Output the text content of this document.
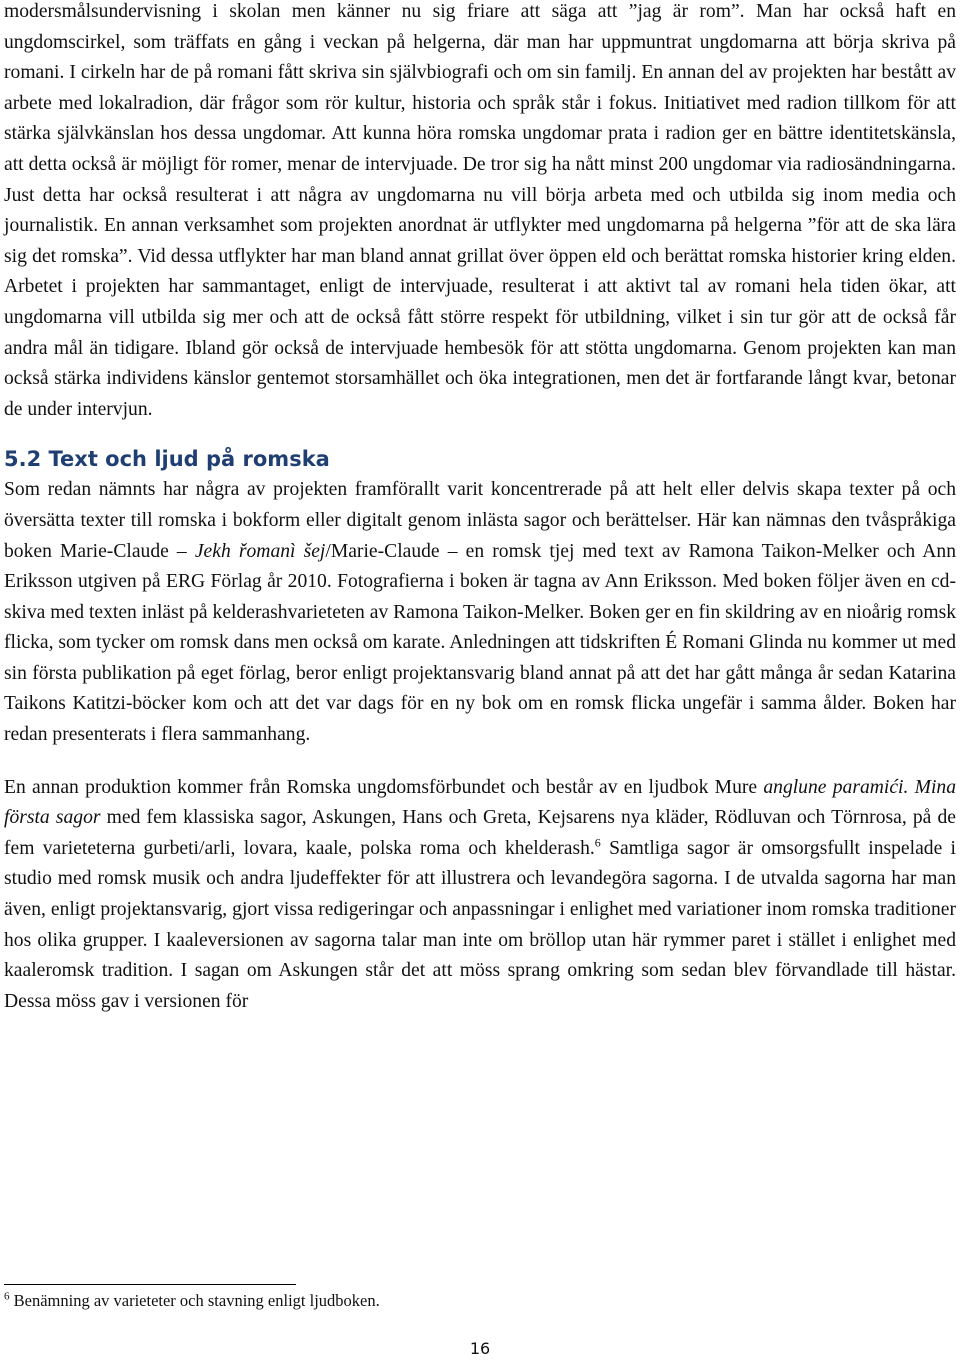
modersmålsundervisning i skolan men känner nu sig friare att säga att ”jag är rom”. Man har också haft en ungdomscirkel, som träffats en gång i veckan på helgerna, där man har uppmuntrat ungdomarna att börja skriva på romani. I cirkeln har de på romani fått skriva sin självbiografi och om sin familj. En annan del av projekten har bestått av arbete med lokalradion, där frågor som rör kultur, historia och språk står i fokus. Initiativet med radion tillkom för att stärka självkänslan hos dessa ungdomar. Att kunna höra romska ungdomar prata i radion ger en bättre identitetskänsla, att detta också är möjligt för romer, menar de intervjuade. De tror sig ha nått minst 200 ungdomar via radiosändningarna. Just detta har också resulterat i att några av ungdomarna nu vill börja arbeta med och utbilda sig inom media och journalistik. En annan verksamhet som projekten anordnat är utflykter med ungdomarna på helgerna ”för att de ska lära sig det romska”. Vid dessa utflykter har man bland annat grillat över öppen eld och berättat romska historier kring elden. Arbetet i projekten har sammantaget, enligt de intervjuade, resulterat i att aktivt tal av romani hela tiden ökar, att ungdomarna vill utbilda sig mer och att de också fått större respekt för utbildning, vilket i sin tur gör att de också får andra mål än tidigare. Ibland gör också de intervjuade hembesök för att stötta ungdomarna. Genom projekten kan man också stärka individens känslor gentemot storsamhället och öka integrationen, men det är fortfarande långt kvar, betonar de under intervjun.

5.2 Text och ljud på romska

Som redan nämnts har några av projekten framförallt varit koncentrerade på att helt eller delvis skapa texter på och översätta texter till romska i bokform eller digitalt genom inlästa sagor och berättelser. Här kan nämnas den tvåspråkiga boken Marie-Claude – Jekh řomanì šej/Marie-Claude – en romsk tjej med text av Ramona Taikon-Melker och Ann Eriksson utgiven på ERG Förlag år 2010. Fotografierna i boken är tagna av Ann Eriksson. Med boken följer även en cd-skiva med texten inläst på kelderashvarieteten av Ramona Taikon-Melker. Boken ger en fin skildring av en nioårig romsk flicka, som tycker om romsk dans men också om karate. Anledningen att tidskriften É Romani Glinda nu kommer ut med sin första publikation på eget förlag, beror enligt projektansvarig bland annat på att det har gått många år sedan Katarina Taikons Katitzi-böcker kom och att det var dags för en ny bok om en romsk flicka ungefär i samma ålder. Boken har redan presenterats i flera sammanhang.

En annan produktion kommer från Romska ungdomsförbundet och består av en ljudbok Mure anglune paramići. Mina första sagor med fem klassiska sagor, Askungen, Hans och Greta, Kejsarens nya kläder, Rödluvan och Törnrosa, på de fem varieteterna gurbeti/arli, lovara, kaale, polska roma och khelderash.$^6$ Samtliga sagor är omsorgsfullt inspelade i studio med romsk musik och andra ljudeffekter för att illustrera och levandegöra sagorna. I de utvalda sagorna har man även, enligt projektansvarig, gjort vissa redigeringar och anpassningar i enlighet med variationer inom romska traditioner hos olika grupper. I kaaleversionen av sagorna talar man inte om bröllop utan här rymmer paret i stället i enlighet med kaaleromsk tradition. I sagan om Askungen står det att möss sprang omkring som sedan blev förvandlade till hästar. Dessa möss gav i versionen för

$^6$ Benämning av varieteter och stavning enligt ljudboken.
16
